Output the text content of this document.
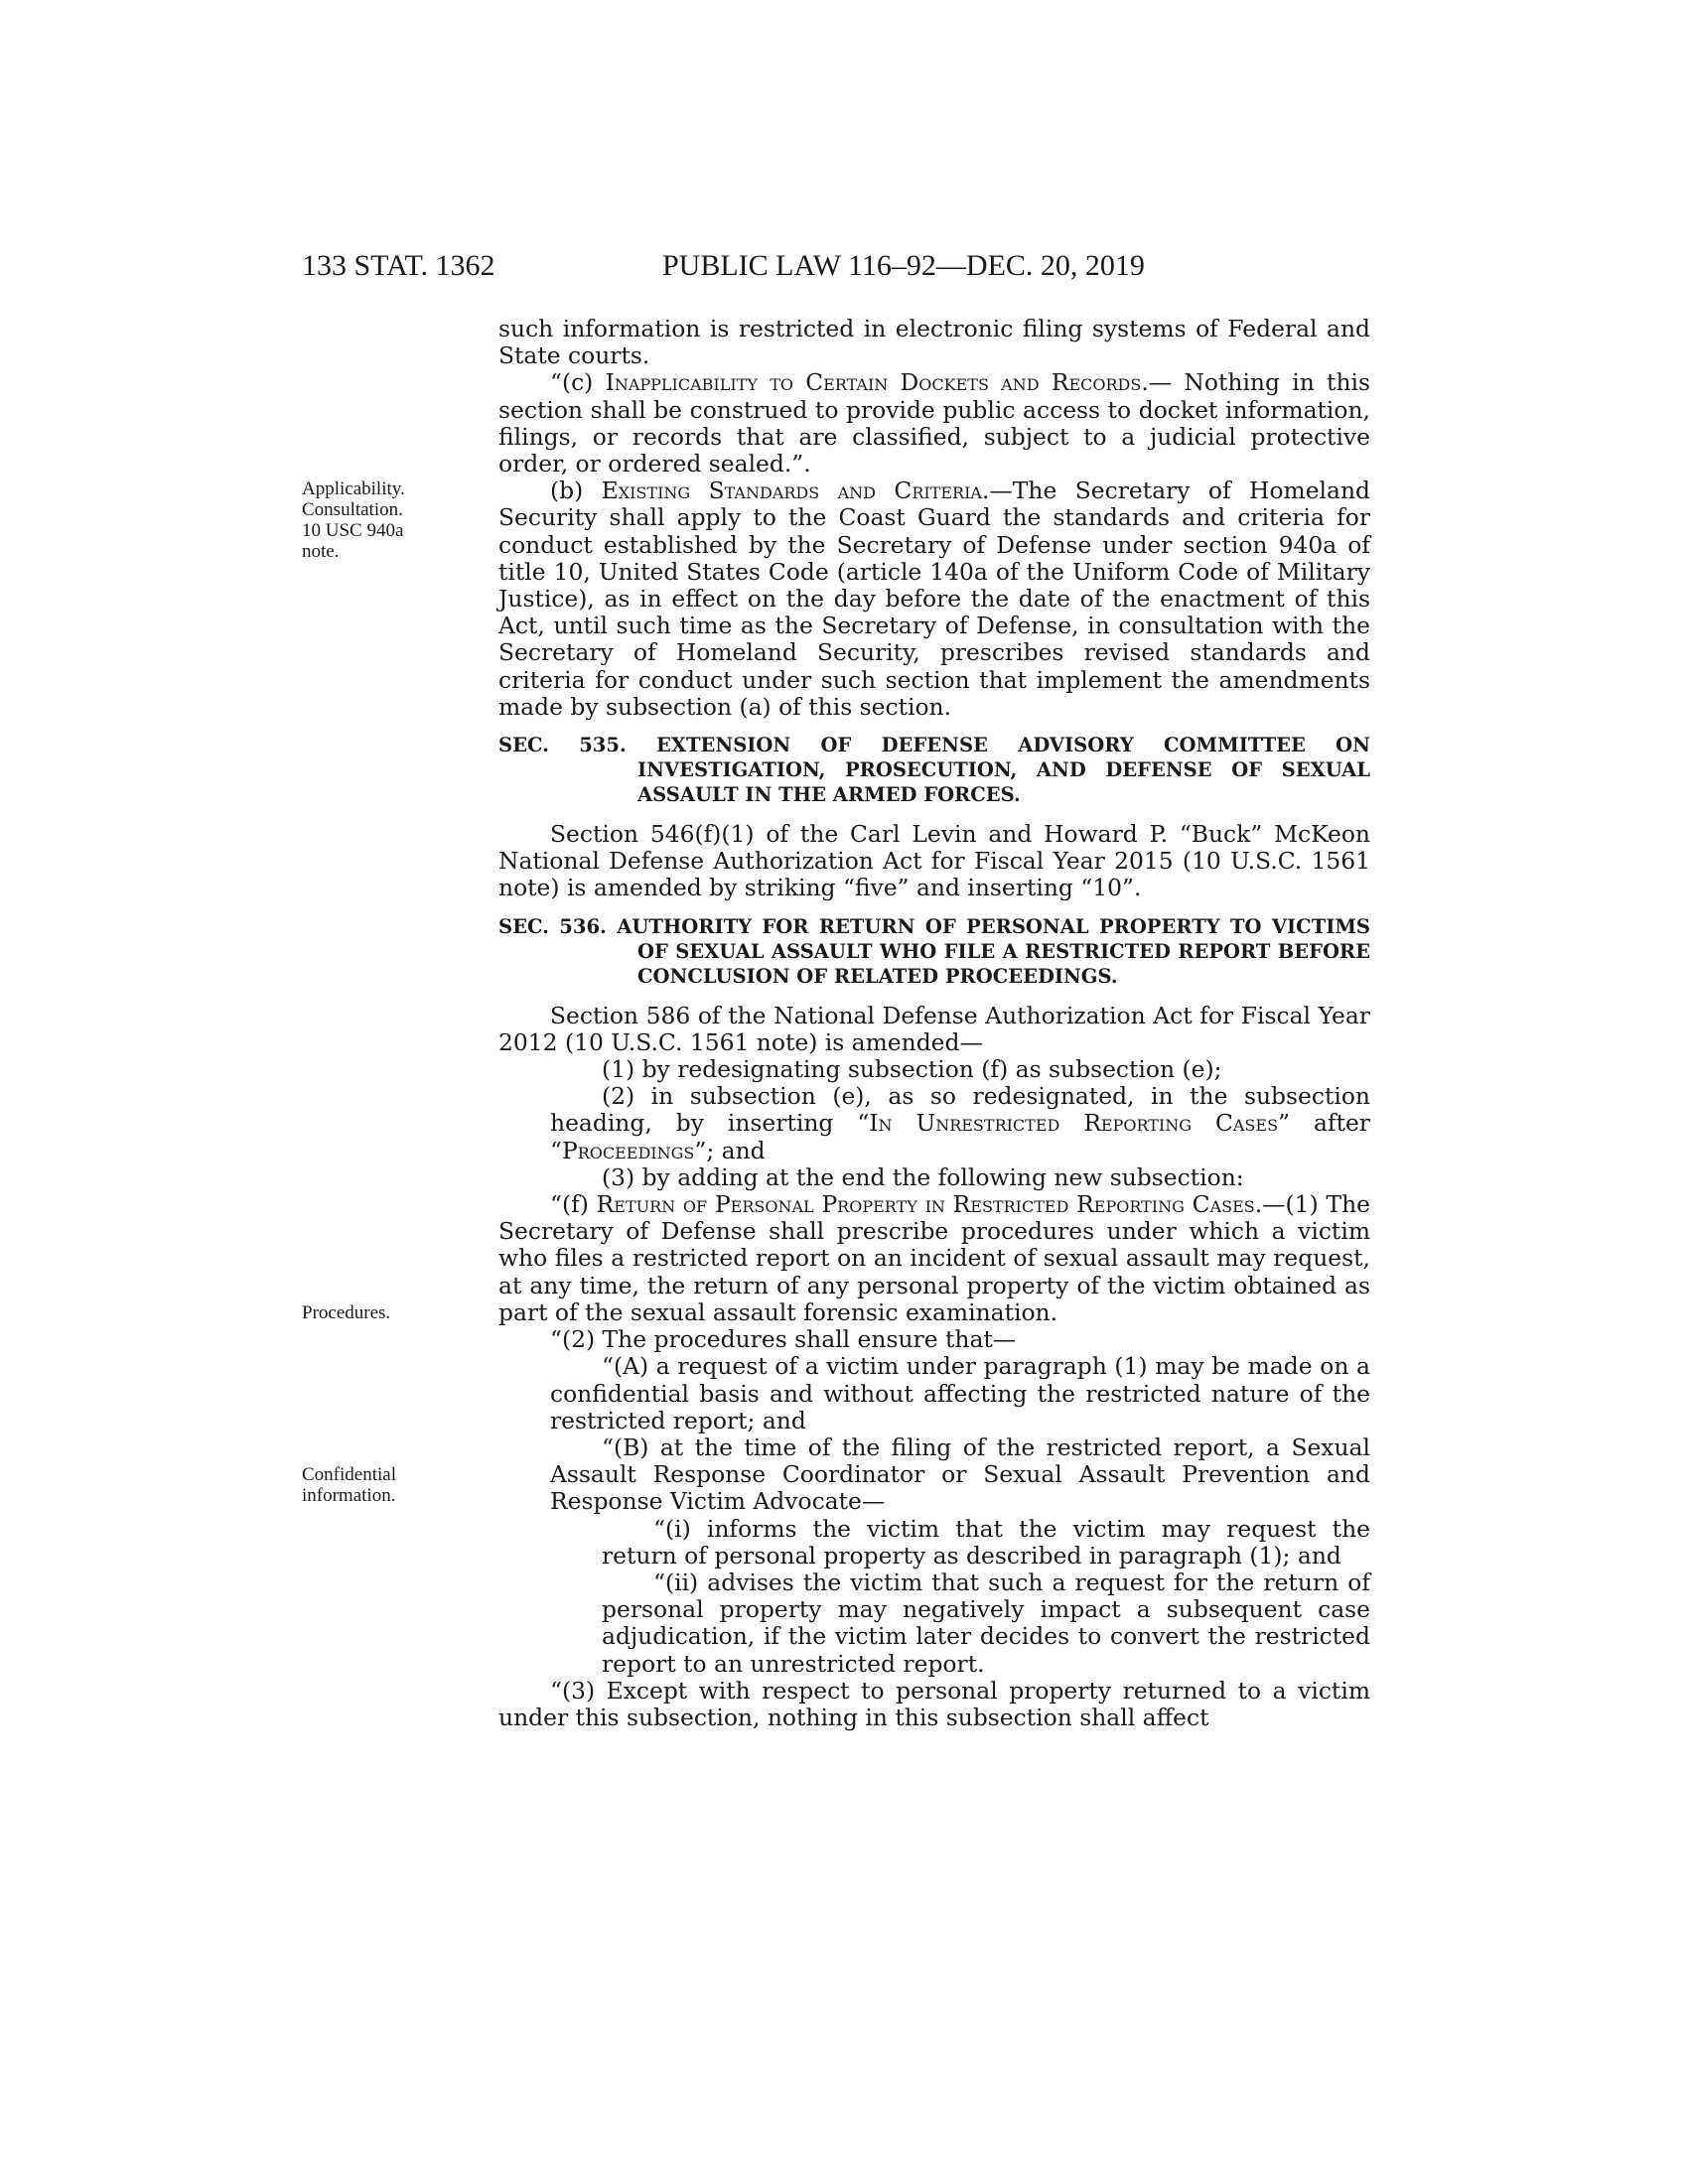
133 STAT. 1362	PUBLIC LAW 116–92—DEC. 20, 2019
Applicability.
Consultation.
10 USC 940a
note.
Procedures.
Confidential
information.

such information is restricted in electronic filing systems of Federal and State courts.

“(c) Inapplicability to Certain Dockets and Records.— Nothing in this section shall be construed to provide public access to docket information, filings, or records that are classified, subject to a judicial protective order, or ordered sealed.”.

(b) Existing Standards and Criteria.—The Secretary of Homeland Security shall apply to the Coast Guard the standards and criteria for conduct established by the Secretary of Defense under section 940a of title 10, United States Code (article 140a of the Uniform Code of Military Justice), as in effect on the day before the date of the enactment of this Act, until such time as the Secretary of Defense, in consultation with the Secretary of Homeland Security, prescribes revised standards and criteria for conduct under such section that implement the amendments made by subsection (a) of this section.

SEC. 535. EXTENSION OF DEFENSE ADVISORY COMMITTEE ON INVESTIGATION, PROSECUTION, AND DEFENSE OF SEXUAL ASSAULT IN THE ARMED FORCES.

Section 546(f)(1) of the Carl Levin and Howard P. “Buck” McKeon National Defense Authorization Act for Fiscal Year 2015 (10 U.S.C. 1561 note) is amended by striking “five” and inserting “10”.

SEC. 536. AUTHORITY FOR RETURN OF PERSONAL PROPERTY TO VICTIMS OF SEXUAL ASSAULT WHO FILE A RESTRICTED REPORT BEFORE CONCLUSION OF RELATED PROCEEDINGS.

Section 586 of the National Defense Authorization Act for Fiscal Year 2012 (10 U.S.C. 1561 note) is amended—

(1) by redesignating subsection (f) as subsection (e);

(2) in subsection (e), as so redesignated, in the subsection heading, by inserting “In Unrestricted Reporting Cases” after “Proceedings”; and

(3) by adding at the end the following new subsection:

“(f) Return of Personal Property in Restricted Reporting Cases.—(1) The Secretary of Defense shall prescribe procedures under which a victim who files a restricted report on an incident of sexual assault may request, at any time, the return of any personal property of the victim obtained as part of the sexual assault forensic examination.

“(2) The procedures shall ensure that—

“(A) a request of a victim under paragraph (1) may be made on a confidential basis and without affecting the restricted nature of the restricted report; and

“(B) at the time of the filing of the restricted report, a Sexual Assault Response Coordinator or Sexual Assault Prevention and Response Victim Advocate—

“(i) informs the victim that the victim may request the return of personal property as described in paragraph (1); and

“(ii) advises the victim that such a request for the return of personal property may negatively impact a subsequent case adjudication, if the victim later decides to convert the restricted report to an unrestricted report.

“(3) Except with respect to personal property returned to a victim under this subsection, nothing in this subsection shall affect
